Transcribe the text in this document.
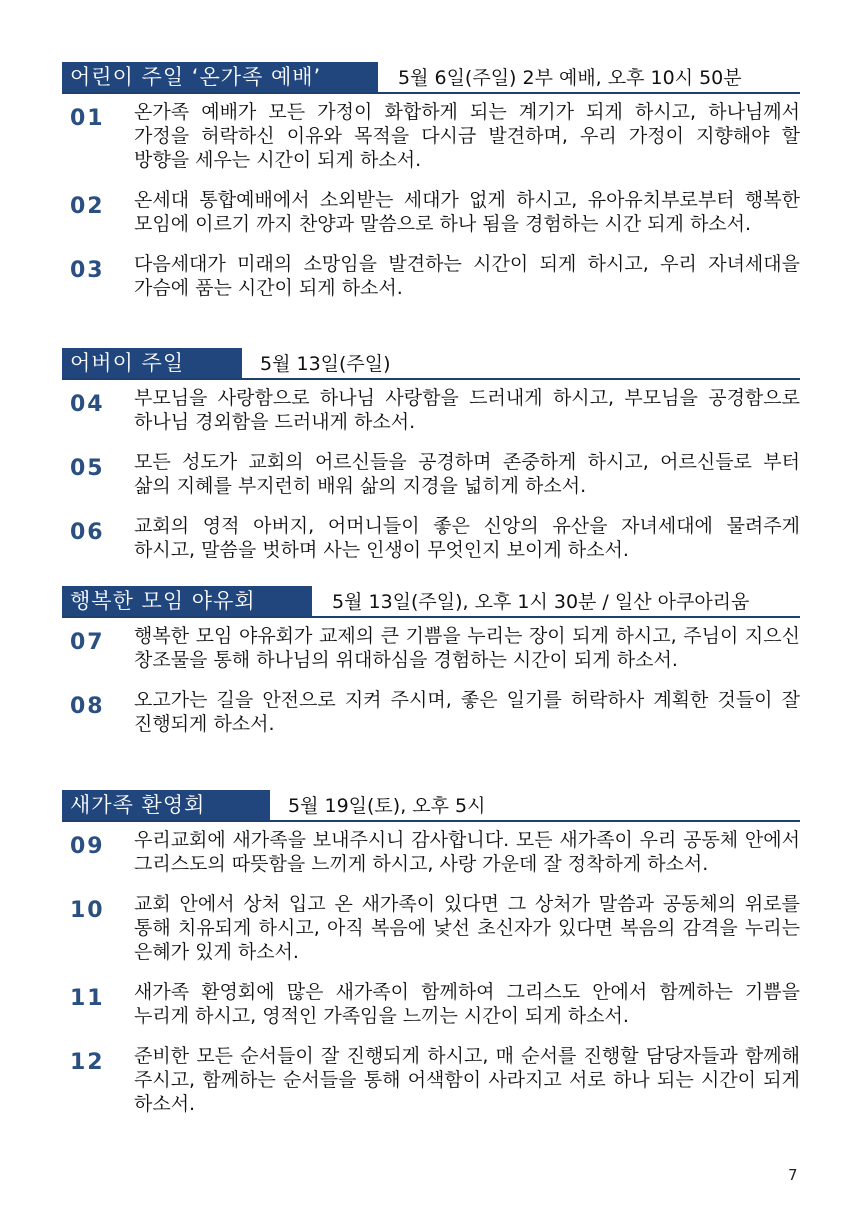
어린이 주일 ‘온가족 예배’	5월 6일(주일) 2부 예배, 오후 10시 50분
01 온가족 예배가 모든 가정이 화합하게 되는 계기가 되게 하시고, 하나님께서 가정을 허락하신 이유와 목적을 다시금 발견하며, 우리 가정이 지향해야 할 방향을 세우는 시간이 되게 하소서.
02 온세대 통합예배에서 소외받는 세대가 없게 하시고, 유아유치부로부터 행복한 모임에 이르기 까지 찬양과 말씀으로 하나 됨을 경험하는 시간 되게 하소서.
03 다음세대가 미래의 소망임을 발견하는 시간이 되게 하시고, 우리 자녀세대을 가슴에 품는 시간이 되게 하소서.
어버이 주일	5월 13일(주일)
04 부모님을 사랑함으로 하나님 사랑함을 드러내게 하시고, 부모님을 공경함으로 하나님 경외함을 드러내게 하소서.
05 모든 성도가 교회의 어르신들을 공경하며 존중하게 하시고, 어르신들로 부터 삶의 지혜를 부지런히 배워 삶의 지경을 넓히게 하소서.
06 교회의 영적 아버지, 어머니들이 좋은 신앙의 유산을 자녀세대에 물려주게 하시고, 말씀을 벗하며 사는 인생이 무엇인지 보이게 하소서.
행복한 모임 야유회	5월 13일(주일), 오후 1시 30분 / 일산 아쿠아리움
07 행복한 모임 야유회가 교제의 큰 기쁨을 누리는 장이 되게 하시고, 주님이 지으신 창조물을 통해 하나님의 위대하심을 경험하는 시간이 되게 하소서.
08 오고가는 길을 안전으로 지켜 주시며, 좋은 일기를 허락하사 계획한 것들이 잘 진행되게 하소서.
새가족 환영회	5월 19일(토), 오후 5시
09 우리교회에 새가족을 보내주시니 감사합니다. 모든 새가족이 우리 공동체 안에서 그리스도의 따뜻함을 느끼게 하시고, 사랑 가운데 잘 정착하게 하소서.
10 교회 안에서 상처 입고 온 새가족이 있다면 그 상처가 말씀과 공동체의 위로를 통해 치유되게 하시고, 아직 복음에 낯선 초신자가 있다면 복음의 감격을 누리는 은혜가 있게 하소서.
11 새가족 환영회에 많은 새가족이 함께하여 그리스도 안에서 함께하는 기쁨을 누리게 하시고, 영적인 가족임을 느끼는 시간이 되게 하소서.
12 준비한 모든 순서들이 잘 진행되게 하시고, 매 순서를 진행할 담당자들과 함께해 주시고, 함께하는 순서들을 통해 어색함이 사라지고 서로 하나 되는 시간이 되게 하소서.
7
